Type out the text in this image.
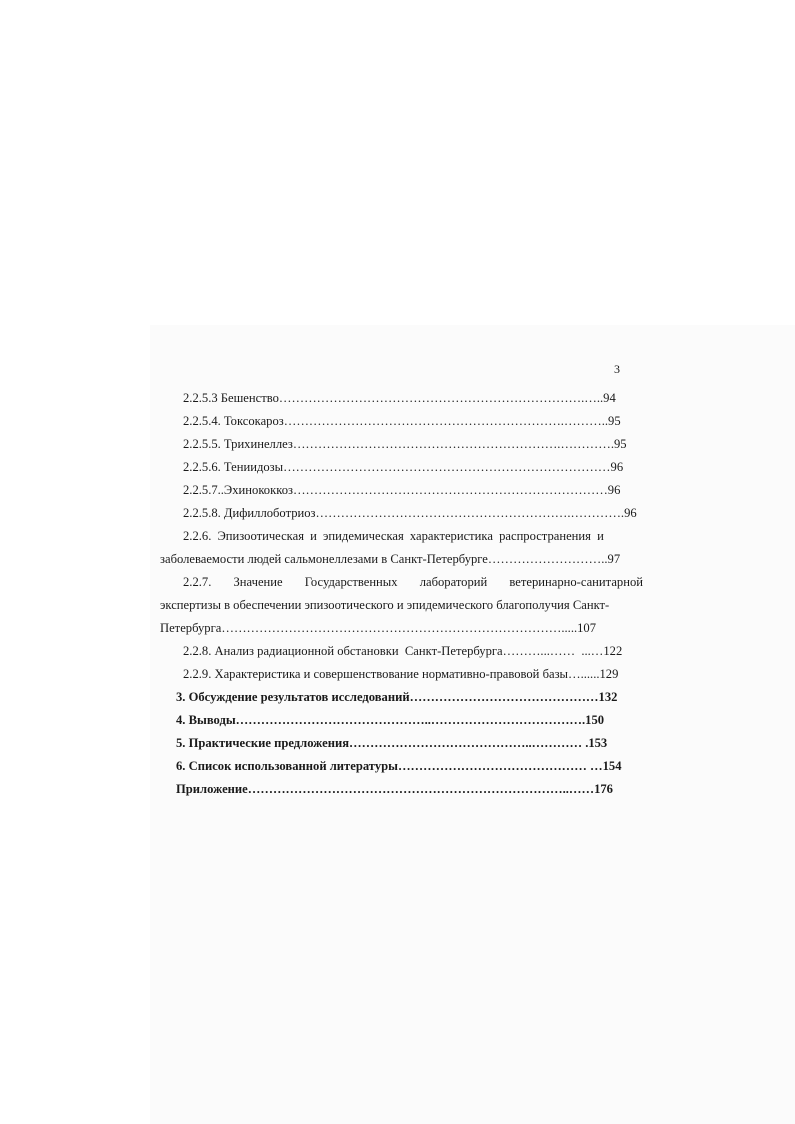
3
2.2.5.3 Бешенство……………………………………………………………….…..94
2.2.5.4. Токсокароз………………………………………………………….………..95
2.2.5.5. Трихинеллез……………………………………………………….………….95
2.2.5.6. Тениидозы……………………………………………………………………96
2.2.5.7..Эхинококкоз…………………………………………………………………96
2.2.5.8. Дифиллоботриоз…………………………………………………….………….96
2.2.6. Эпизоотическая и эпидемическая характеристика распространения и
заболеваемости людей сальмонеллезами в Санкт-Петербурге………………………..97
2.2.7. Значение Государственных лабораторий ветеринарно-санитарной
экспертизы в обеспечении эпизоотического и эпидемического благополучия Санкт-
Петербурга……………………………………………………………………….....107
2.2.8. Анализ радиационной обстановки  Санкт-Петербурга………...……  ...…122
2.2.9. Характеристика и совершенствование нормативно-правовой базы…......129
3. Обсуждение результатов исследований………………………………………132
4. Выводы………………………………………..……………………………….150
5. Практические предложения……………………………………..………… .153
6. Список использованной литературы……………………………………… …154
Приложение…………………………………………………………………..……176
